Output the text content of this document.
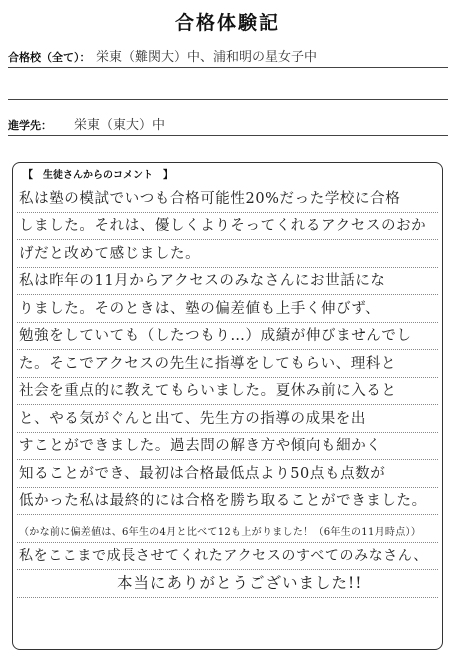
合格体験記
合格校（全て）： 栄東（難関大）中、浦和明の星女子中
進学先： 栄東（東大）中
【　生徒さんからのコメント　】
私は塾の模試でいつも合格可能性20%だった学校に合格
しました。それは、優しくよりそってくれるアクセスのおか
げだと改めて感じました。
私は昨年の11月からアクセスのみなさんにお世話にな
りました。そのときは、塾の偏差値も上手く伸びず、
勉強をしていても（したつもり…）成績が伸びませんでし
た。そこでアクセスの先生に指導をしてもらい、理科と
社会を重点的に教えてもらいました。夏休み前に入ると
と、やる気がぐんと出て、先生方の指導の成果を出
すことができました。過去問の解き方や傾向も細かく
知ることができ、最初は合格最低点より50点も点数が
低かった私は最終的には合格を勝ち取ることができました。
（かな前に偏差値は、6年生の4月と比べて12も上がりました！（6年生の11月時点））
私をここまで成長させてくれたアクセスのすべてのみなさん、
本当にありがとうございました!!
